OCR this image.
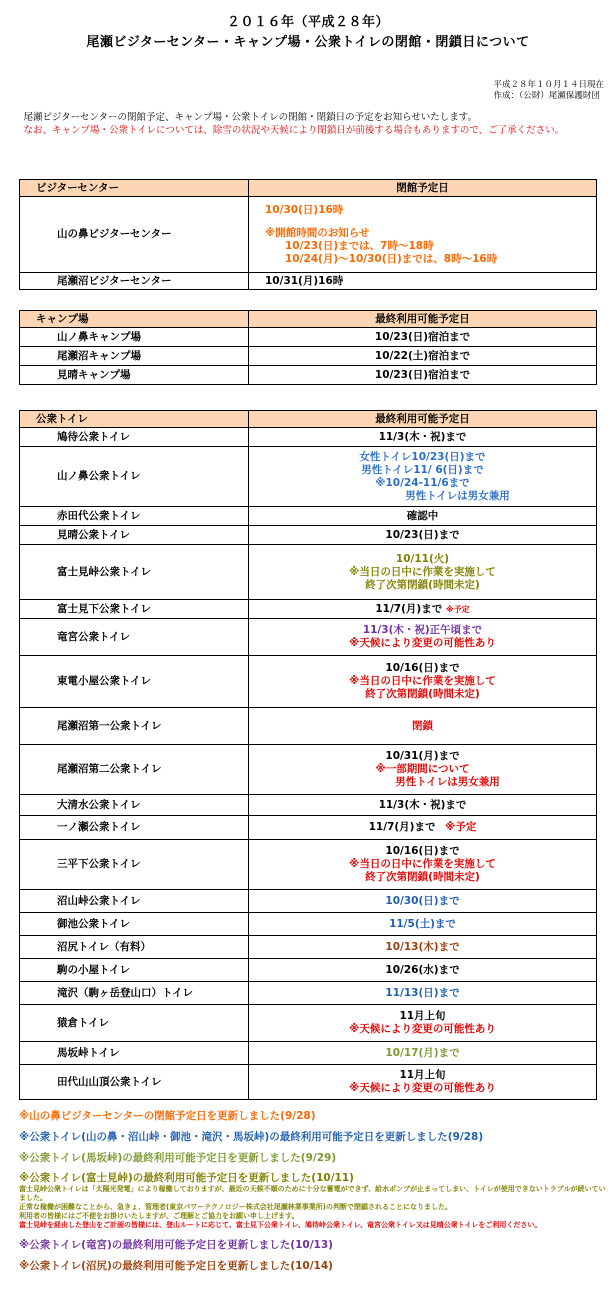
２０１６年（平成２８年）
尾瀬ビジターセンター・キャンプ場・公衆トイレの閉館・閉鎖日について
平成２８年１０月１４日現在
作成：（公財）尾瀬保護財団
　尾瀬ビジターセンターの閉館予定、キャンプ場・公衆トイレの閉館・閉鎖日の予定をお知らせいたします。
　なお、キャンプ場・公衆トイレについては、除雪の状況や天候により閉鎖日が前後する場合もありますので、ご了承ください。
ビジターセンター	閉館予定日
山の鼻ビジターセンター	10/30(日)16時
※開館時間のお知らせ
10/23(日)までは、7時～18時
10/24(月)～10/30(日)までは、8時～16時

尾瀬沼ビジターセンター	10/31(月)16時
キャンプ場	最終利用可能予定日
山ノ鼻キャンプ場	10/23(日)宿泊まで
尾瀬沼キャンプ場	10/22(土)宿泊まで
見晴キャンプ場	10/23(日)宿泊まで
公衆トイレ	最終利用可能予定日
鳩待公衆トイレ	11/3(木・祝)まで
山ノ鼻公衆トイレ	女性トイレ10/23(日)まで
男性トイレ11/ 6(日)まで
※10/24-11/6まで
男性トイレは男女兼用

赤田代公衆トイレ	確認中
見晴公衆トイレ	10/23(日)まで
富士見峠公衆トイレ	10/11(火)
※当日の日中に作業を実施して
終了次第閉鎖(時間未定)

富士見下公衆トイレ	11/7(月)まで ※予定
竜宮公衆トイレ	11/3(木・祝)正午頃まで
※天候により変更の可能性あり

東電小屋公衆トイレ	10/16(日)まで
※当日の日中に作業を実施して
終了次第閉鎖(時間未定)

尾瀬沼第一公衆トイレ	閉鎖
尾瀬沼第二公衆トイレ	10/31(月)まで
※一部期間について
男性トイレは男女兼用

大清水公衆トイレ	11/3(木・祝)まで
一ノ瀬公衆トイレ	11/7(月)まで ※予定
三平下公衆トイレ	10/16(日)まで
※当日の日中に作業を実施して
終了次第閉鎖(時間未定)

沼山峠公衆トイレ	10/30(日)まで
御池公衆トイレ	11/5(土)まで
沼尻トイレ（有料）	10/13(木)まで
駒の小屋トイレ	10/26(水)まで
滝沢（駒ヶ岳登山口）トイレ	11/13(日)まで
猿倉トイレ	11月上旬
※天候により変更の可能性あり

馬坂峠トイレ	10/17(月)まで
田代山山頂公衆トイレ	11月上旬
※天候により変更の可能性あり
※山の鼻ビジターセンターの閉館予定日を更新しました(9/28)
※公衆トイレ(山の鼻・沼山峠・御池・滝沢・馬坂峠)の最終利用可能予定日を更新しました(9/28)
※公衆トイレ(馬坂峠)の最終利用可能予定日を更新しました(9/29)
※公衆トイレ(富士見峠)の最終利用可能予定日を更新しました(10/11)
富士見峠公衆トイレは「太陽光発電」により稼働しておりますが、最近の天候不順のために十分な蓄電ができず、給水ポンプが止まってしまい、トイレが使用できないトラブルが続いていました。
正常な稼働が困難なことから、急きょ、管理者(東京パワーテクノロジー株式会社尾瀬林業事業所)の判断で閉鎖されることになりました。
利用者の皆様にはご不便をお掛けいたしますが、ご理解とご協力をお願い申し上げます。
富士見峠を経由した登山をご計画の皆様には、登山ルートに応じて、富士見下公衆トイレ、鳩待峠公衆トイレ、竜宮公衆トイレ又は見晴公衆トイレをご利用ください。
※公衆トイレ(竜宮)の最終利用可能予定日を更新しました(10/13)
※公衆トイレ(沼尻)の最終利用可能予定日を更新しました(10/14)
